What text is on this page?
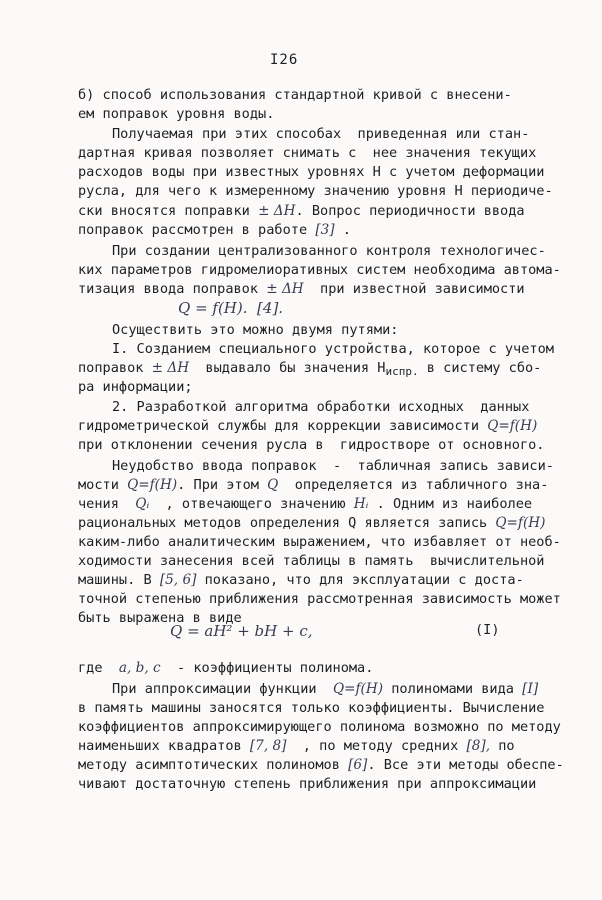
I26
б) способ использования стандартной кривой с внесени-
ем поправок уровня воды.
Получаемая при этих способах  приведенная или стан-
дартная кривая позволяет снимать с  нее значения текущих
расходов воды при известных уровнях Н с учетом деформации
русла, для чего к измеренному значению уровня Н периодиче-
ски вносятся поправки ± ΔH. Вопрос периодичности ввода
поправок рассмотрен в работе [3] .
При создании централизованного контроля технологичес-
ких параметров гидромелиоративных систем необходима автома-
тизация ввода поправок ± ΔH  при известной зависимости
Q = f(H).  [4].
Осуществить это можно двумя путями:
I. Созданием специального устройства, которое с учетом
поправок ± ΔH  выдавало бы значения $Н_{испр.}$ в систему сбо-
ра информации;
2. Разработкой алгоритма обработки исходных  данных
гидрометрической службы для коррекции зависимости Q=f(H)
при отклонении сечения русла в  гидростворе от основного.
Неудобство ввода поправок  -  табличная запись зависи-
мости Q=f(H). При этом Q  определяется из табличного зна-
чения  Qᵢ  , отвечающего значению Hᵢ . Одним из наиболее
рациональных методов определения Q является запись Q=f(H)
каким-либо аналитическим выражением, что избавляет от необ-
ходимости занесения всей таблицы в память  вычислительной
машины. В [5, 6] показано, что для эксплуатации с доста-
точной степенью приближения рассмотренная зависимость может
быть выражена в виде
Q = aH² + bH + c,	(I)
где  a, b, c  - коэффициенты полинома.
При аппроксимации функции  Q=f(H) полиномами вида [I]
в память машины заносятся только коэффициенты. Вычисление
коэффициентов аппроксимирующего полинома возможно по методу
наименьших квадратов [7, 8]  , по методу средних [8], по
методу асимптотических полиномов [6]. Все эти методы обеспе-
чивают достаточную степень приближения при аппроксимации
